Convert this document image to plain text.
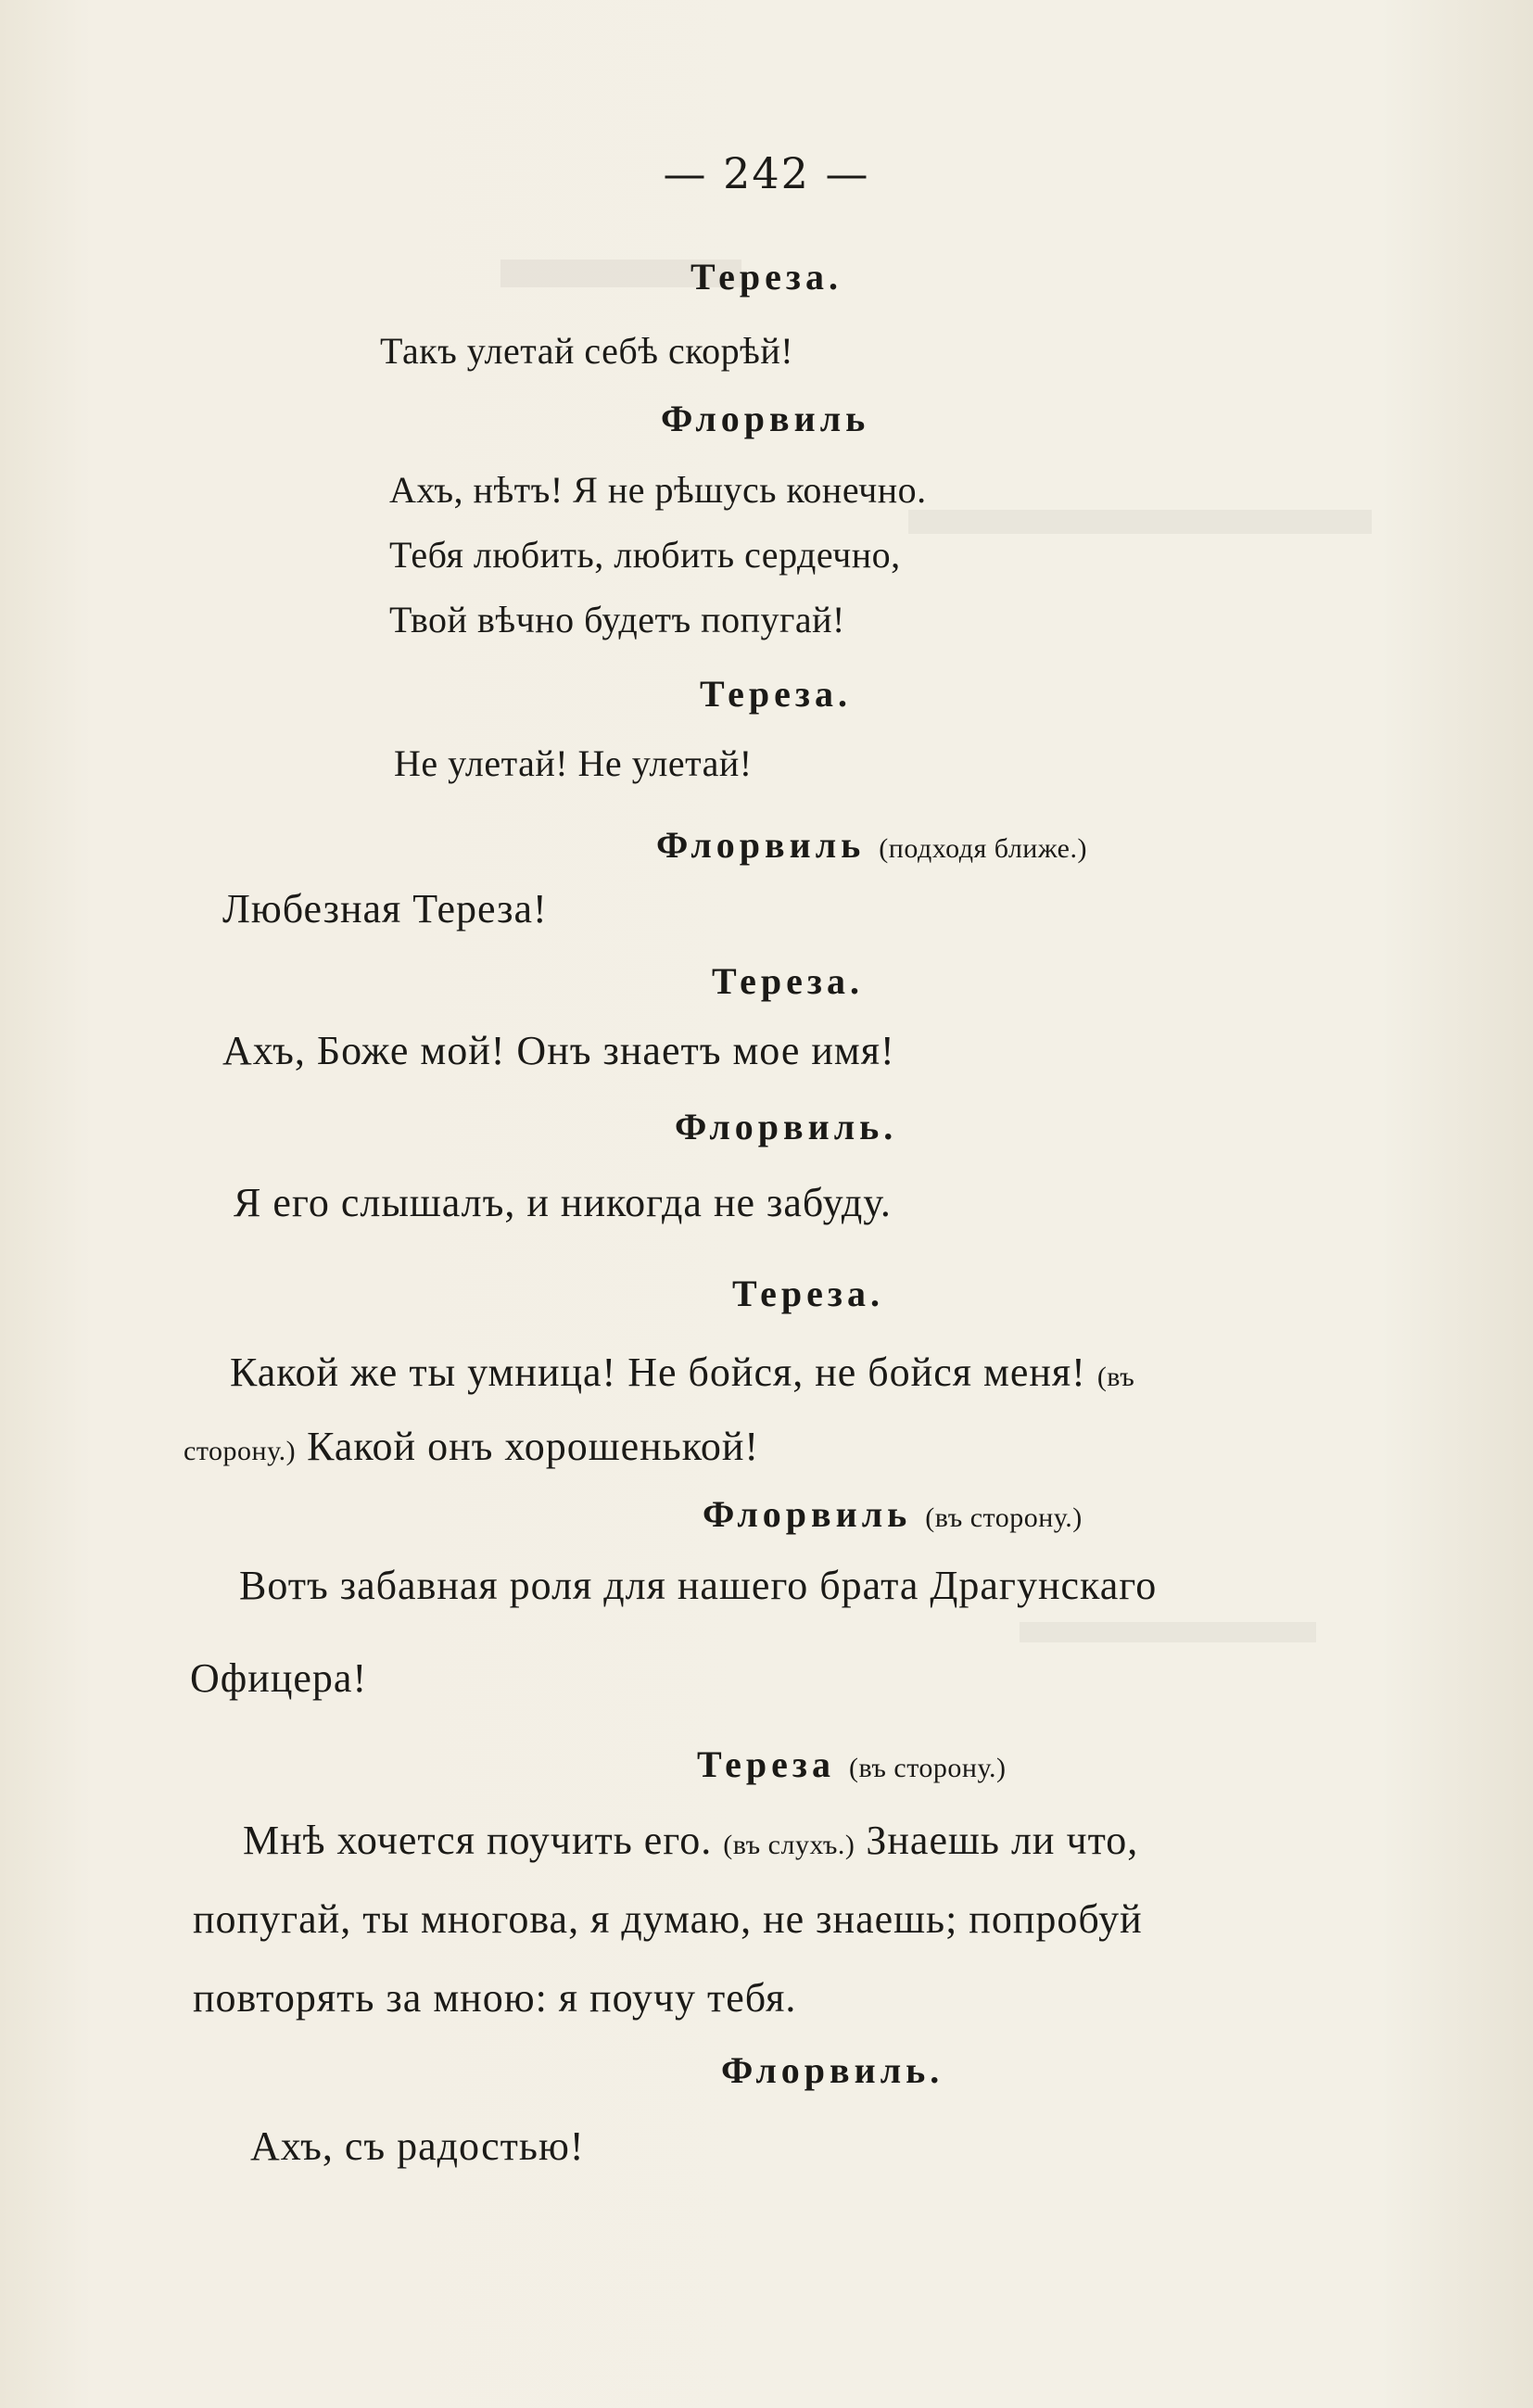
— 242 —
Тереза.
Такъ улетай себѣ скорѣй!
Флорвиль
Ахъ, нѣтъ! Я не рѣшусь конечно.
Тебя любить, любить сердечно,
Твой вѣчно будетъ попугай!
Тереза.
Не улетай! Не улетай!
Флорвиль (подходя ближе.)
Любезная Тереза!
Тереза.
Ахъ, Боже мой! Онъ знаетъ мое имя!
Флорвиль.
Я его слышалъ, и никогда не забуду.
Тереза.
Какой же ты умница! Не бойся, не бойся меня! (въ
сторону.) Какой онъ хорошенькой!
Флорвиль (въ сторону.)
Вотъ забавная роля для нашего брата Драгунскаго
Офицера!
Тереза (въ сторону.)
Мнѣ хочется поучить его. (въ слухъ.) Знаешь ли что,
попугай, ты многова, я думаю, не знаешь; попробуй
повторять за мною: я поучу тебя.
Флорвиль.
Ахъ, съ радостью!
